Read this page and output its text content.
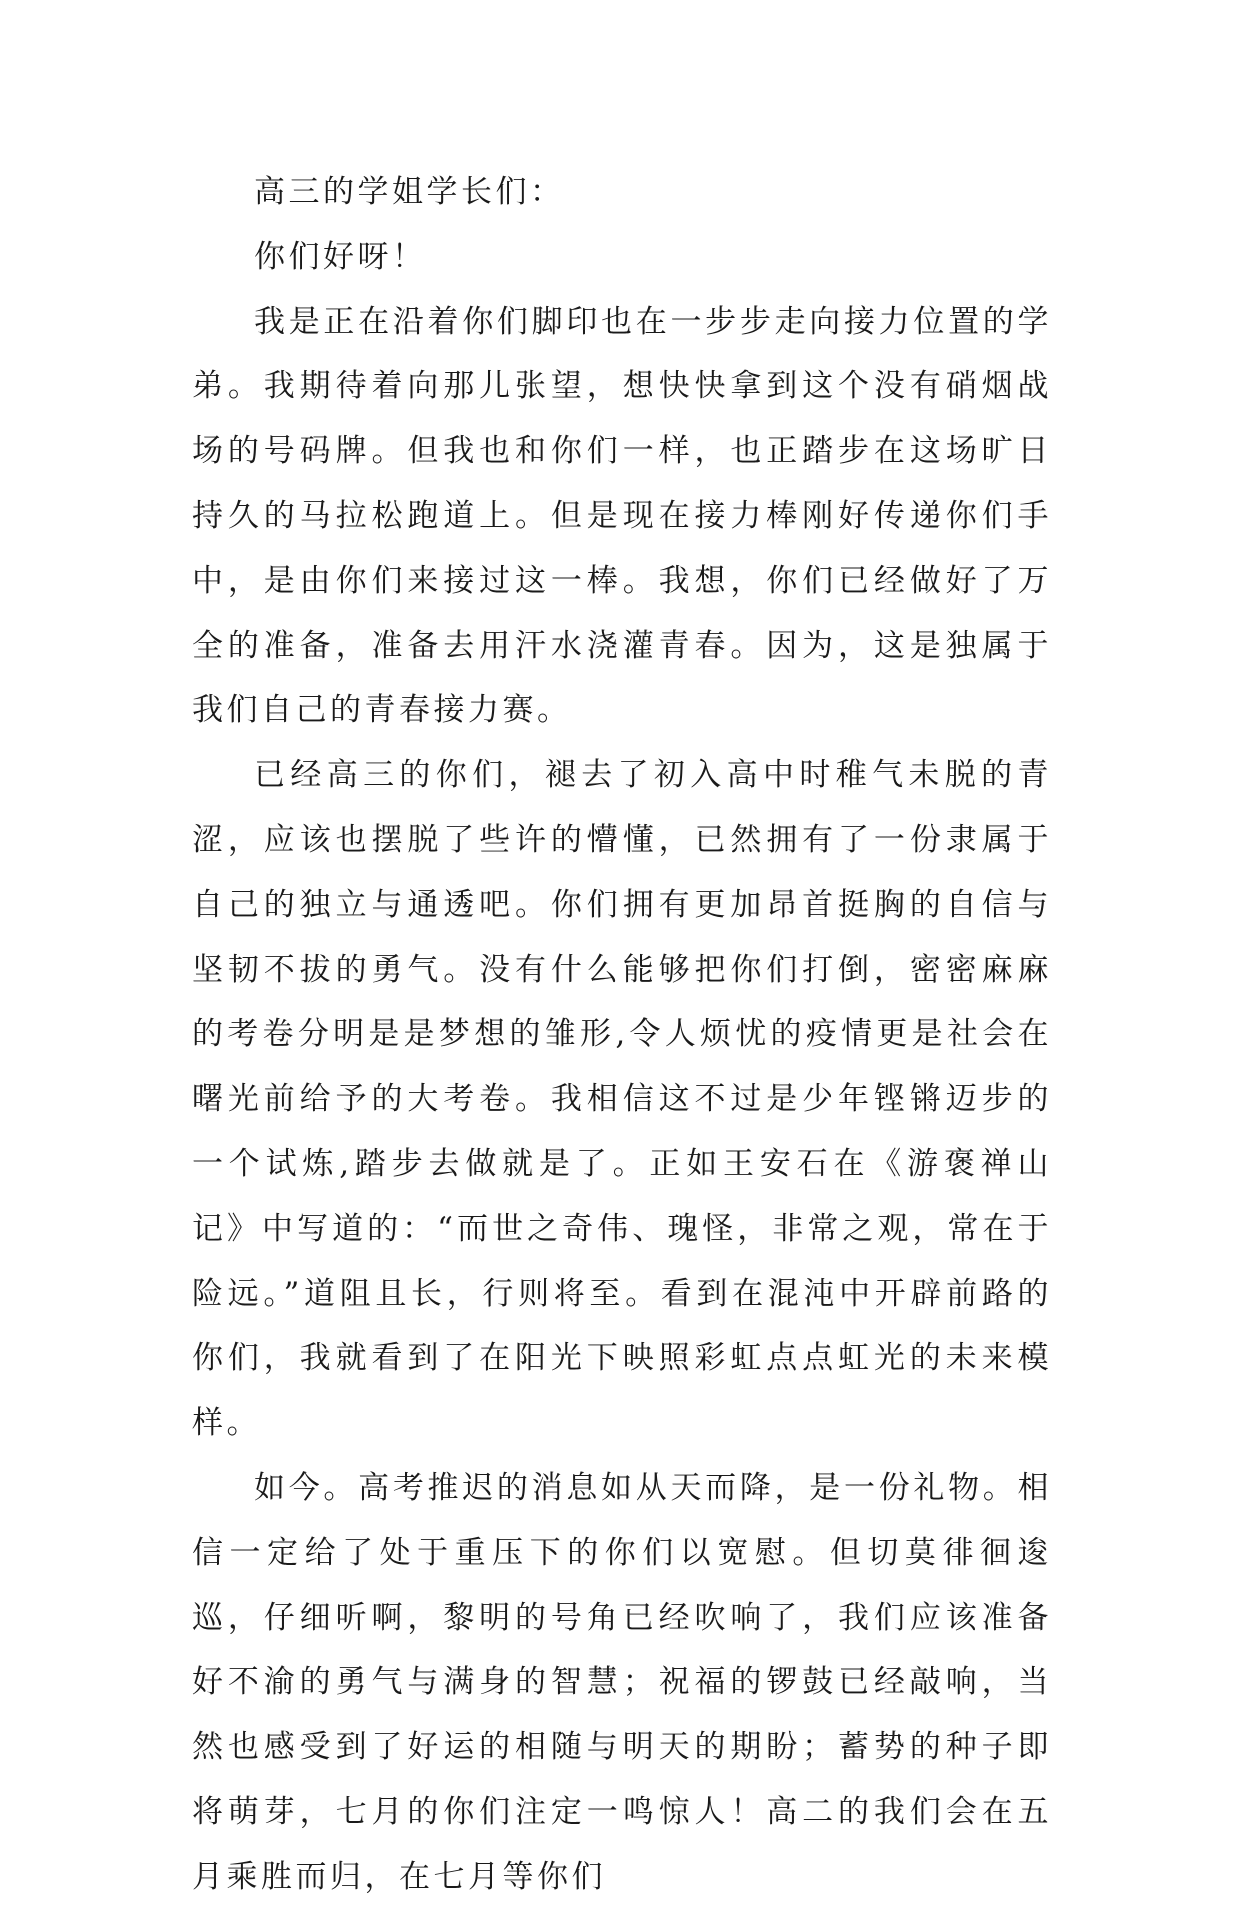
高三的学姐学长们：

你们好呀！

我是正在沿着你们脚印也在一步步走向接力位置的学弟。我期待着向那儿张望，想快快拿到这个没有硝烟战场的号码牌。但我也和你们一样，也正踏步在这场旷日持久的马拉松跑道上。但是现在接力棒刚好传递你们手中，是由你们来接过这一棒。我想，你们已经做好了万全的准备，准备去用汗水浇灌青春。因为，这是独属于我们自己的青春接力赛。

已经高三的你们，褪去了初入高中时稚气未脱的青涩，应该也摆脱了些许的懵懂，已然拥有了一份隶属于自己的独立与通透吧。你们拥有更加昂首挺胸的自信与坚韧不拔的勇气。没有什么能够把你们打倒，密密麻麻的考卷分明是是梦想的雏形,令人烦忧的疫情更是社会在曙光前给予的大考卷。我相信这不过是少年铿锵迈步的一个试炼,踏步去做就是了。正如王安石在《游褒禅山记》中写道的：“而世之奇伟、瑰怪，非常之观，常在于险远。”道阻且长，行则将至。看到在混沌中开辟前路的你们，我就看到了在阳光下映照彩虹点点虹光的未来模样。

如今。高考推迟的消息如从天而降，是一份礼物。相信一定给了处于重压下的你们以宽慰。但切莫徘徊逡巡，仔细听啊，黎明的号角已经吹响了，我们应该准备好不渝的勇气与满身的智慧；祝福的锣鼓已经敲响，当然也感受到了好运的相随与明天的期盼；蓄势的种子即将萌芽，七月的你们注定一鸣惊人！高二的我们会在五月乘胜而归，在七月等你们
